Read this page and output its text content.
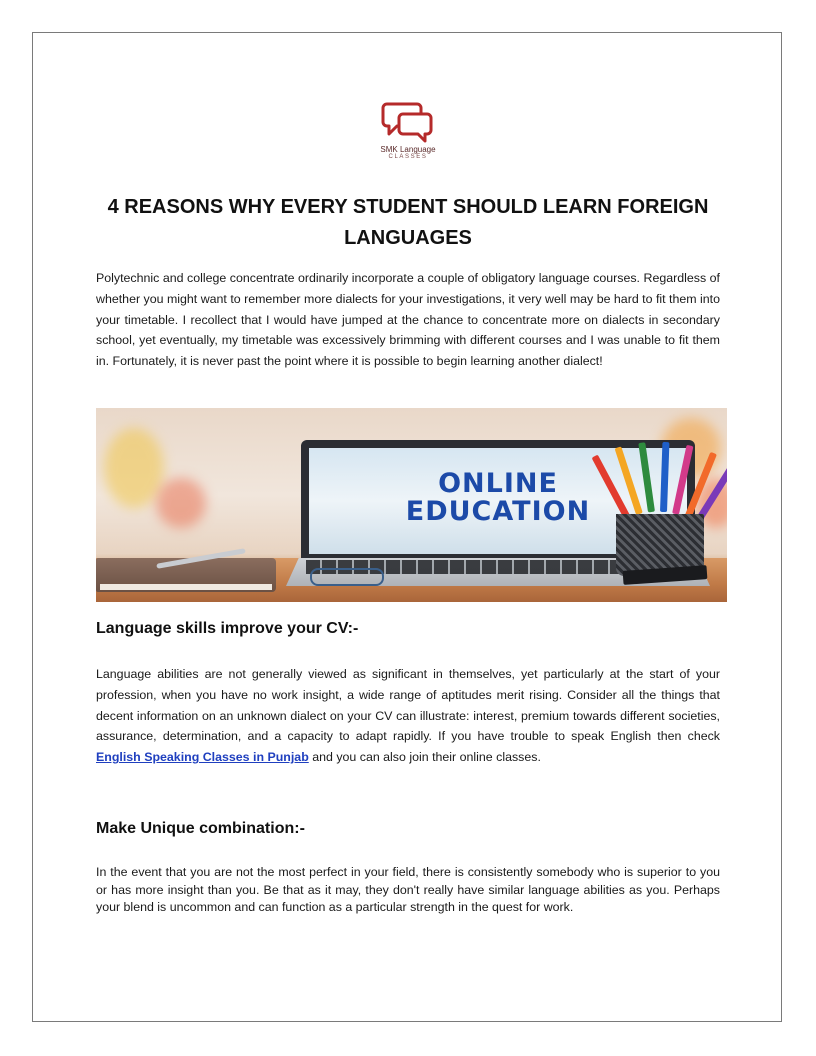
SMK Language
CLASSES
4 REASONS WHY EVERY STUDENT SHOULD LEARN FOREIGN LANGUAGES

Polytechnic and college concentrate ordinarily incorporate a couple of obligatory language courses. Regardless of whether you might want to remember more dialects for your investigations, it very well may be hard to fit them into your timetable. I recollect that I would have jumped at the chance to concentrate more on dialects in secondary school, yet eventually, my timetable was excessively brimming with different courses and I was unable to fit them in. Fortunately, it is never past the point where it is possible to begin learning another dialect!

ONLINE
EDUCATION
Language skills improve your CV:-

Language abilities are not generally viewed as significant in themselves, yet particularly at the start of your profession, when you have no work insight, a wide range of aptitudes merit rising. Consider all the things that decent information on an unknown dialect on your CV can illustrate: interest, premium towards different societies, assurance, determination, and a capacity to adapt rapidly. If you have trouble to speak English then check English Speaking Classes in Punjab and you can also join their online classes.

Make Unique combination:-

In the event that you are not the most perfect in your field, there is consistently somebody who is superior to you or has more insight than you. Be that as it may, they don't really have similar language abilities as you. Perhaps your blend is uncommon and can function as a particular strength in the quest for work.
